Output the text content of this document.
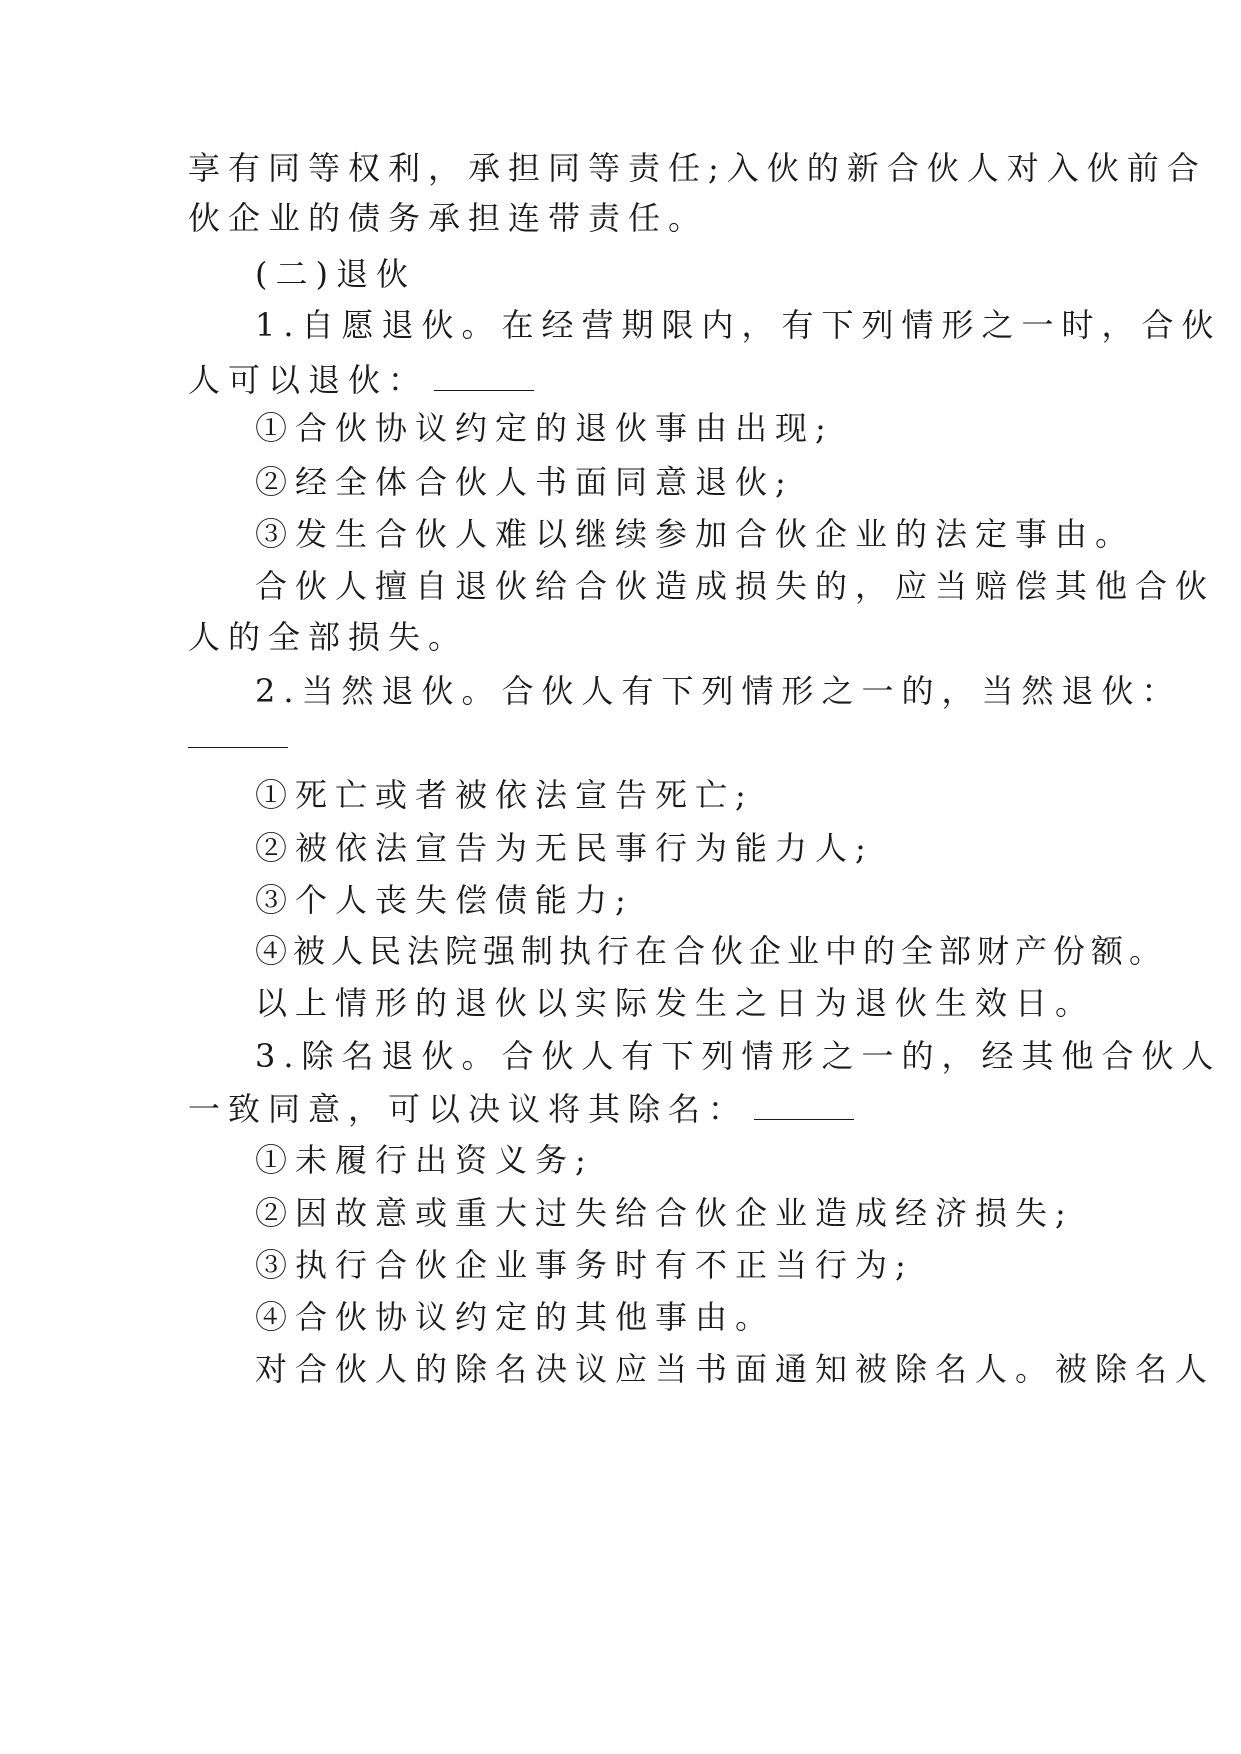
享有同等权利，承担同等责任;入伙的新合伙人对入伙前合
伙企业的债务承担连带责任。
(二)退伙
1.自愿退伙。在经营期限内，有下列情形之一时，合伙
人可以退伙：
①合伙协议约定的退伙事由出现;
②经全体合伙人书面同意退伙;
③发生合伙人难以继续参加合伙企业的法定事由。
合伙人擅自退伙给合伙造成损失的，应当赔偿其他合伙
人的全部损失。
2.当然退伙。合伙人有下列情形之一的，当然退伙：
①死亡或者被依法宣告死亡;
②被依法宣告为无民事行为能力人;
③个人丧失偿债能力;
④被人民法院强制执行在合伙企业中的全部财产份额。
以上情形的退伙以实际发生之日为退伙生效日。
3.除名退伙。合伙人有下列情形之一的，经其他合伙人
一致同意，可以决议将其除名：
①未履行出资义务;
②因故意或重大过失给合伙企业造成经济损失;
③执行合伙企业事务时有不正当行为;
④合伙协议约定的其他事由。
对合伙人的除名决议应当书面通知被除名人。被除名人
